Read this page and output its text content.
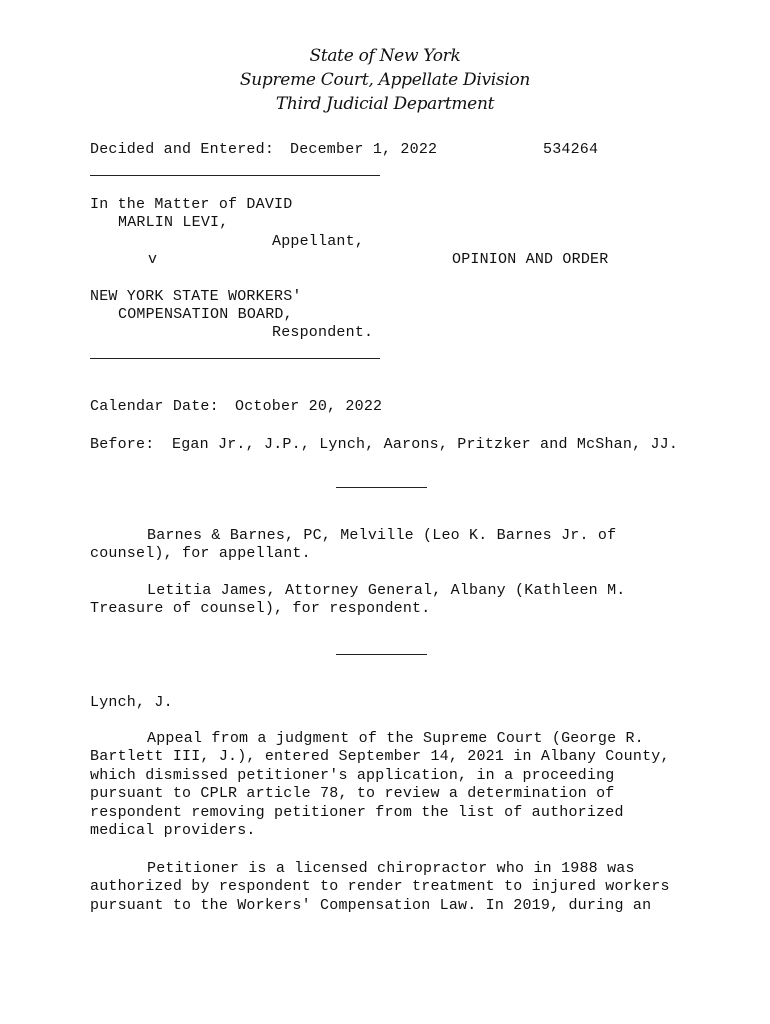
State of New York
Supreme Court, Appellate Division
Third Judicial Department
Decided and Entered: December 1, 2022	534264
In the Matter of DAVID
MARLIN LEVI,
Appellant,
v	OPINION AND ORDER
NEW YORK STATE WORKERS'
COMPENSATION BOARD,
Respondent.
Calendar Date: October 20, 2022
Before: Egan Jr., J.P., Lynch, Aarons, Pritzker and McShan, JJ.
Barnes & Barnes, PC, Melville (Leo K. Barnes Jr. of
counsel), for appellant.
Letitia James, Attorney General, Albany (Kathleen M.
Treasure of counsel), for respondent.
Lynch, J.
Appeal from a judgment of the Supreme Court (George R.
Bartlett III, J.), entered September 14, 2021 in Albany County,
which dismissed petitioner's application, in a proceeding
pursuant to CPLR article 78, to review a determination of
respondent removing petitioner from the list of authorized
medical providers.
Petitioner is a licensed chiropractor who in 1988 was
authorized by respondent to render treatment to injured workers
pursuant to the Workers' Compensation Law. In 2019, during an
